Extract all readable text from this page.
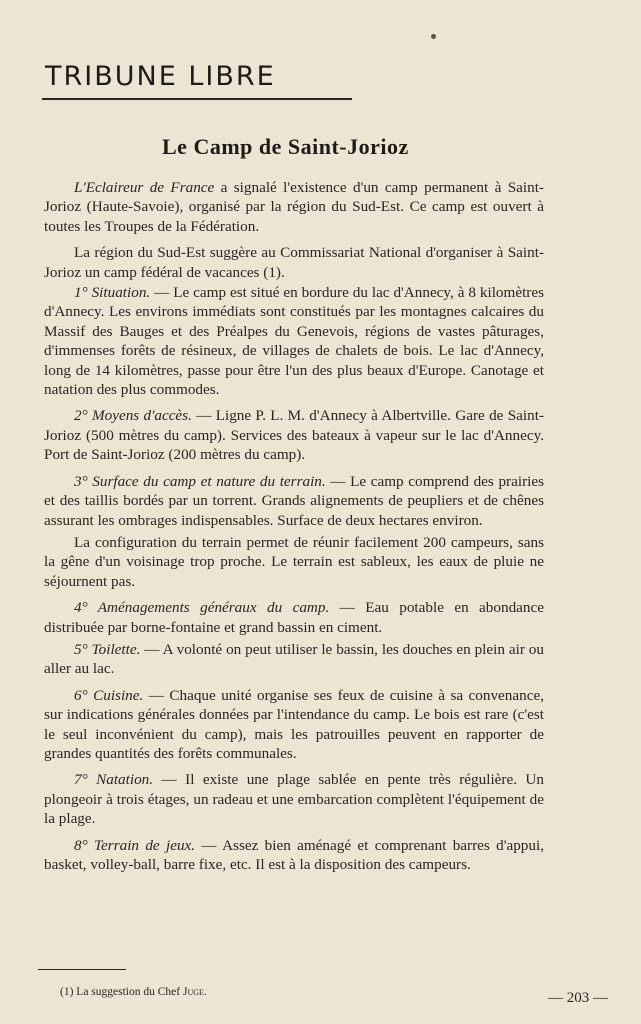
TRIBUNE LIBRE
Le Camp de Saint-Jorioz

L'Eclaireur de France a signalé l'existence d'un camp permanent à Saint-Jorioz (Haute-Savoie), organisé par la région du Sud-Est. Ce camp est ouvert à toutes les Troupes de la Fédération.

La région du Sud-Est suggère au Commissariat National d'organiser à Saint-Jorioz un camp fédéral de vacances (1).

1° Situation. — Le camp est situé en bordure du lac d'Annecy, à 8 kilomètres d'Annecy. Les environs immédiats sont constitués par les montagnes calcaires du Massif des Bauges et des Préalpes du Genevois, régions de vastes pâturages, d'immenses forêts de résineux, de villages de chalets de bois. Le lac d'Annecy, long de 14 kilomètres, passe pour être l'un des plus beaux d'Europe. Canotage et natation des plus commodes.

2° Moyens d'accès. — Ligne P. L. M. d'Annecy à Albertville. Gare de Saint-Jorioz (500 mètres du camp). Services des bateaux à vapeur sur le lac d'Annecy. Port de Saint-Jorioz (200 mètres du camp).

3° Surface du camp et nature du terrain. — Le camp comprend des prairies et des taillis bordés par un torrent. Grands alignements de peupliers et de chênes assurant les ombrages indispensables. Surface de deux hectares environ.

La configuration du terrain permet de réunir facilement 200 campeurs, sans la gêne d'un voisinage trop proche. Le terrain est sableux, les eaux de pluie ne séjournent pas.

4° Aménagements généraux du camp. — Eau potable en abondance distribuée par borne-fontaine et grand bassin en ciment.

5° Toilette. — A volonté on peut utiliser le bassin, les douches en plein air ou aller au lac.

6° Cuisine. — Chaque unité organise ses feux de cuisine à sa convenance, sur indications générales données par l'intendance du camp. Le bois est rare (c'est le seul inconvénient du camp), mais les patrouilles peuvent en rapporter de grandes quantités des forêts communales.

7° Natation. — Il existe une plage sablée en pente très régulière. Un plongeoir à trois étages, un radeau et une embarcation complètent l'équipement de la plage.

8° Terrain de jeux. — Assez bien aménagé et comprenant barres d'appui, basket, volley-ball, barre fixe, etc. Il est à la disposition des campeurs.

(1) La suggestion du Chef Juge.	— 203 —
